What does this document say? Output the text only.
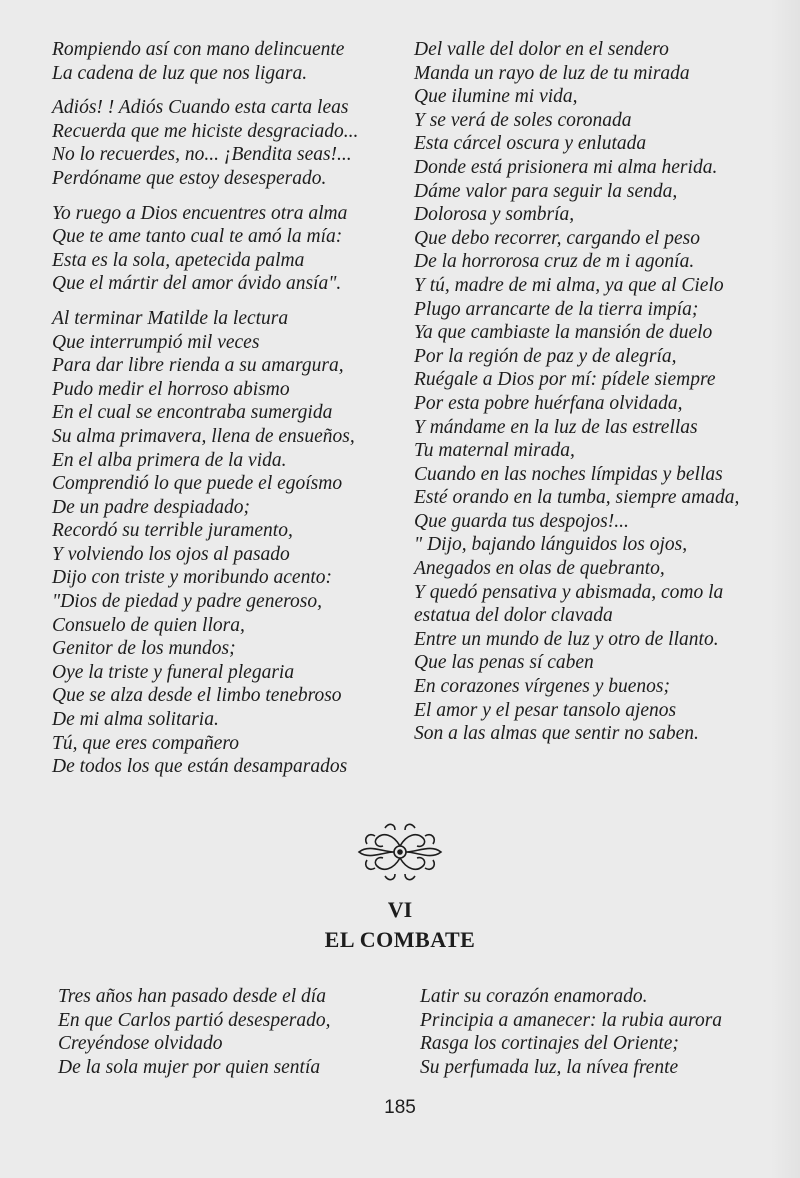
Rompiendo así con mano delincuente
La cadena de luz que nos ligara.
Adiós! ! Adiós Cuando esta carta leas
Recuerda que me hiciste desgraciado...
No lo recuerdes, no... ¡Bendita seas!...
Perdóname que estoy desesperado.
Yo ruego a Dios encuentres otra alma
Que te ame tanto cual te amó la mía:
Esta es la sola, apetecida palma
Que el mártir del amor ávido ansía".
Al terminar Matilde la lectura
Que interrumpió mil veces
Para dar libre rienda a su amargura,
Pudo medir el horroso abismo
En el cual se encontraba sumergida
Su alma primavera, llena de ensueños,
En el alba primera de la vida.
Comprendió lo que puede el egoísmo
De un padre despiadado;
Recordó su terrible juramento,
Y volviendo los ojos al pasado
Dijo con triste y moribundo acento:
"Dios de piedad y padre generoso,
Consuelo de quien llora,
Genitor de los mundos;
Oye la triste y funeral plegaria
Que se alza desde el limbo tenebroso
De mi alma solitaria.
Tú, que eres compañero
De todos los que están desamparados
Del valle del dolor en el sendero
Manda un rayo de luz de tu mirada
Que ilumine mi vida,
Y se verá de soles coronada
Esta cárcel oscura y enlutada
Donde está prisionera mi alma herida.
Dáme valor para seguir la senda,
Dolorosa y sombría,
Que debo recorrer, cargando el peso
De la horrorosa cruz de m i agonía.
Y tú, madre de mi alma, ya que al Cielo
Plugo arrancarte de la tierra impía;
Ya que cambiaste la mansión de duelo
Por la región de paz y de alegría,
Ruégale a Dios por mí: pídele siempre
Por esta pobre huérfana olvidada,
Y mándame en la luz de las estrellas
Tu maternal mirada,
Cuando en las noches límpidas y bellas
Esté orando en la tumba, siempre amada,
Que guarda tus despojos!...
" Dijo, bajando lánguidos los ojos,
Anegados en olas de quebranto,
Y quedó pensativa y abismada, como la
estatua del dolor clavada
Entre un mundo de luz y otro de llanto.
Que las penas sí caben
En corazones vírgenes y buenos;
El amor y el pesar tansolo ajenos
Son a las almas que sentir no saben.
VI
EL COMBATE
Tres años han pasado desde el día
En que Carlos partió desesperado,
Creyéndose olvidado
De la sola mujer por quien sentía
Latir su corazón enamorado.
Principia a amanecer: la rubia aurora
Rasga los cortinajes del Oriente;
Su perfumada luz, la nívea frente
185
